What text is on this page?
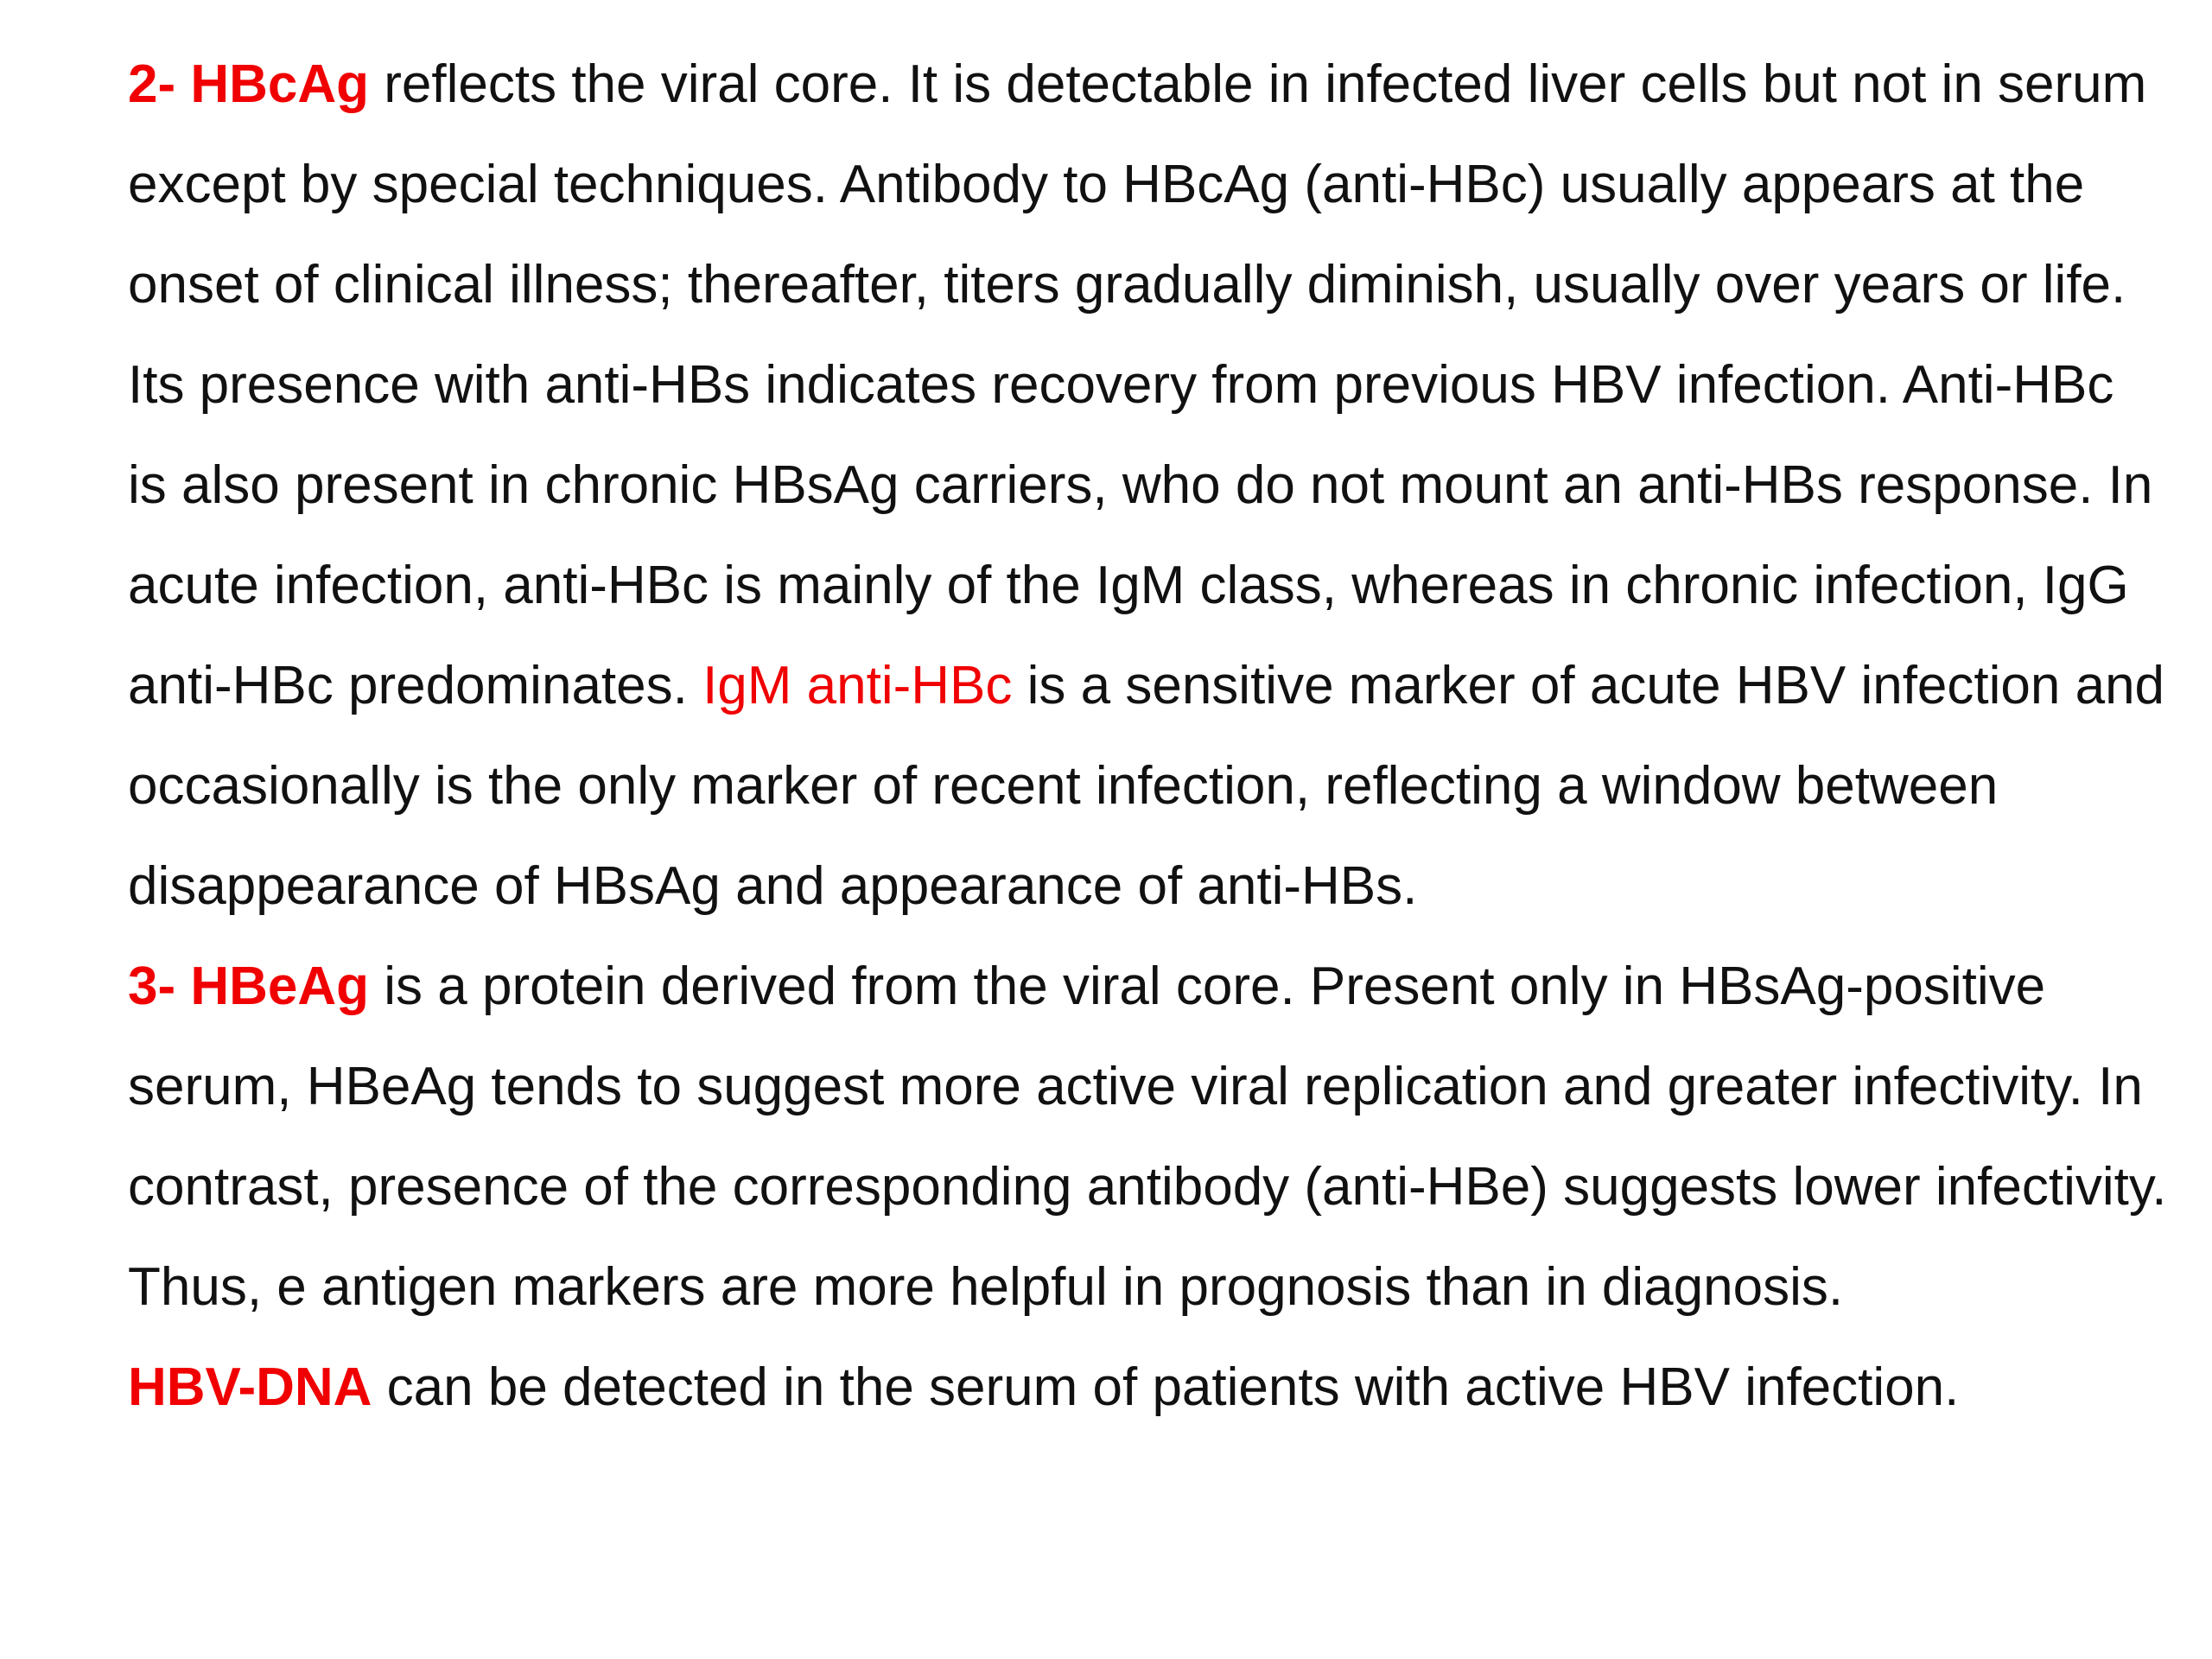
2- HBcAg reflects the viral core. It is detectable in infected liver cells but not in serum except by special techniques. Antibody to HBcAg (anti-HBc) usually appears at the onset of clinical illness; thereafter, titers gradually diminish, usually over years or life. Its presence with anti-HBs indicates recovery from previous HBV infection. Anti-HBc is also present in chronic HBsAg carriers, who do not mount an anti-HBs response. In acute infection, anti-HBc is mainly of the IgM class, whereas in chronic infection, IgG anti-HBc predominates. IgM anti-HBc is a sensitive marker of acute HBV infection and occasionally is the only marker of recent infection, reflecting a window between disappearance of HBsAg and appearance of anti-HBs.

3- HBeAg is a protein derived from the viral core. Present only in HBsAg-positive serum, HBeAg tends to suggest more active viral replication and greater infectivity. In contrast, presence of the corresponding antibody (anti-HBe) suggests lower infectivity. Thus, e antigen markers are more helpful in prognosis than in diagnosis.

HBV-DNA can be detected in the serum of patients with active HBV infection.
